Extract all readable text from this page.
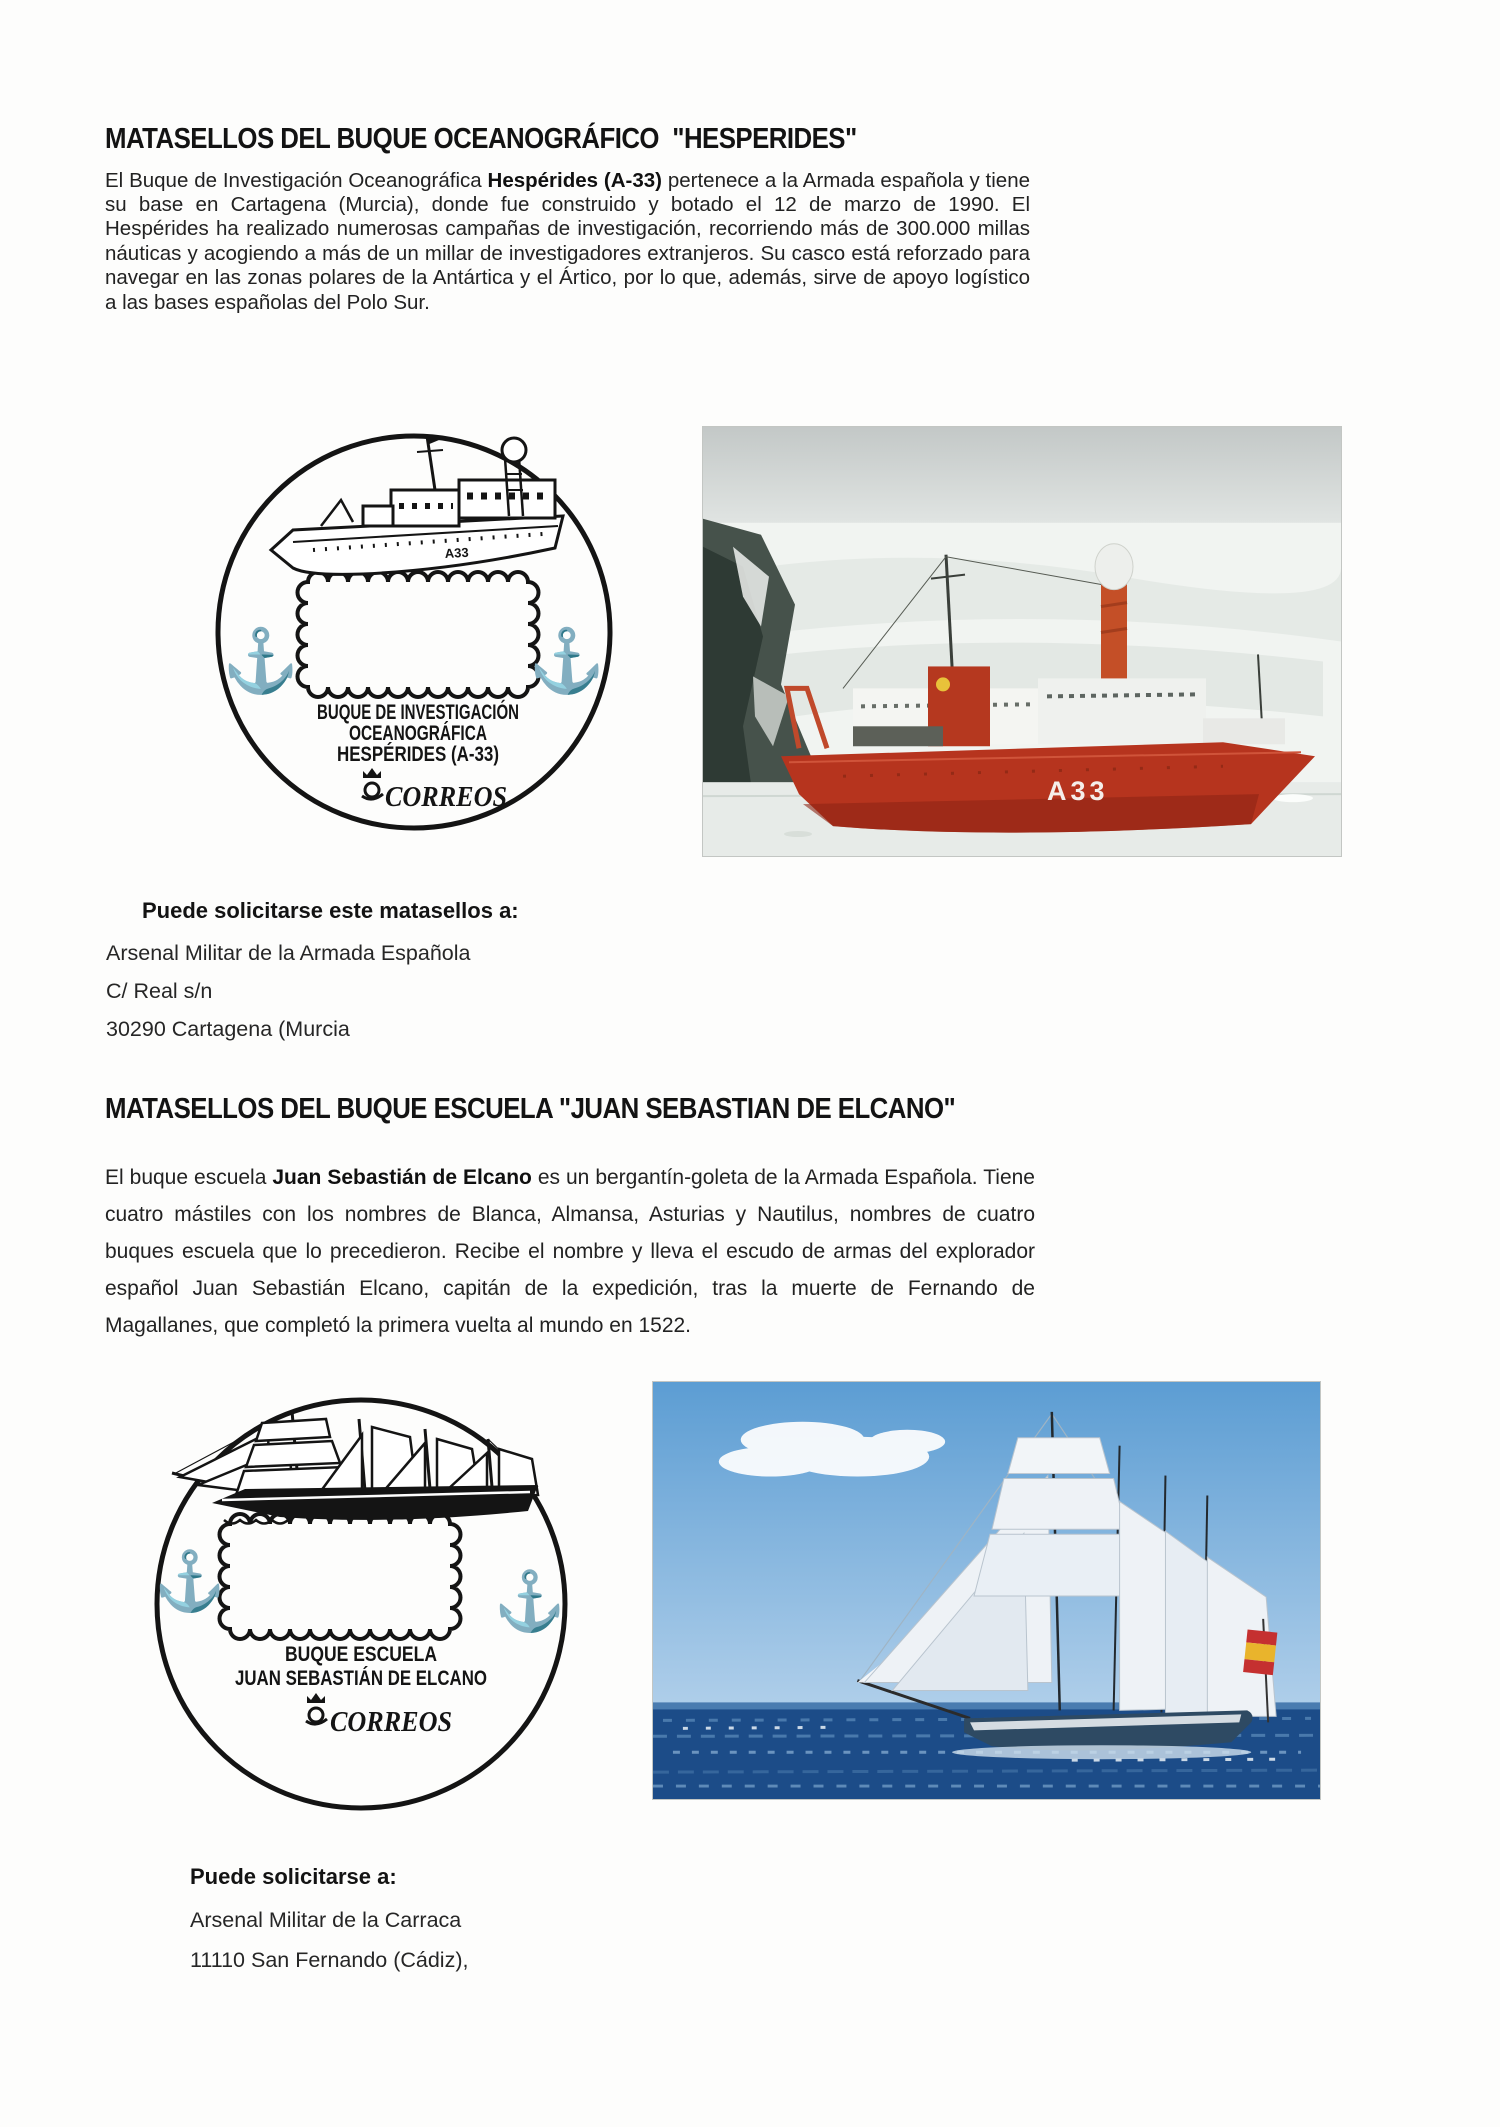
MATASELLOS DEL BUQUE OCEANOGRÁFICO  "HESPERIDES"

El Buque de Investigación Oceanográfica Hespérides (A-33) pertenece a la Armada española y tiene su base en Cartagena (Murcia), donde fue construido y botado el 12 de marzo de 1990. El Hespérides ha realizado numerosas campañas de investigación, recorriendo más de 300.000 millas náuticas y acogiendo a más de un millar de investigadores extranjeros. Su casco está reforzado para navegar en las zonas polares de la Antártica y el Ártico, por lo que, además, sirve de apoyo logístico a las bases españolas del Polo Sur.

A33
⚓	⚓
BUQUE DE INVESTIGACIÓN
OCEANOGRÁFICA
HESPÉRIDES (A-33)
CORREOS	A33

Puede solicitarse este matasellos a:

Arsenal Militar de la Armada Española
C/ Real s/n
30290 Cartagena (Murcia
MATASELLOS DEL BUQUE ESCUELA "JUAN SEBASTIAN DE ELCANO"

El buque escuela Juan Sebastián de Elcano es un bergantín-goleta de la Armada Española. Tiene cuatro mástiles con los nombres de Blanca, Almansa, Asturias y Nautilus, nombres de cuatro buques escuela que lo precedieron. Recibe el nombre y lleva el escudo de armas del explorador español Juan Sebastián Elcano, capitán de la expedición, tras la muerte de Fernando de Magallanes, que completó la primera vuelta al mundo en 1522.

⚓	⚓
BUQUE ESCUELA
JUAN SEBASTIÁN DE ELCANO
CORREOS

Puede solicitarse a:

Arsenal Militar de la Carraca
11110 San Fernando (Cádiz),
